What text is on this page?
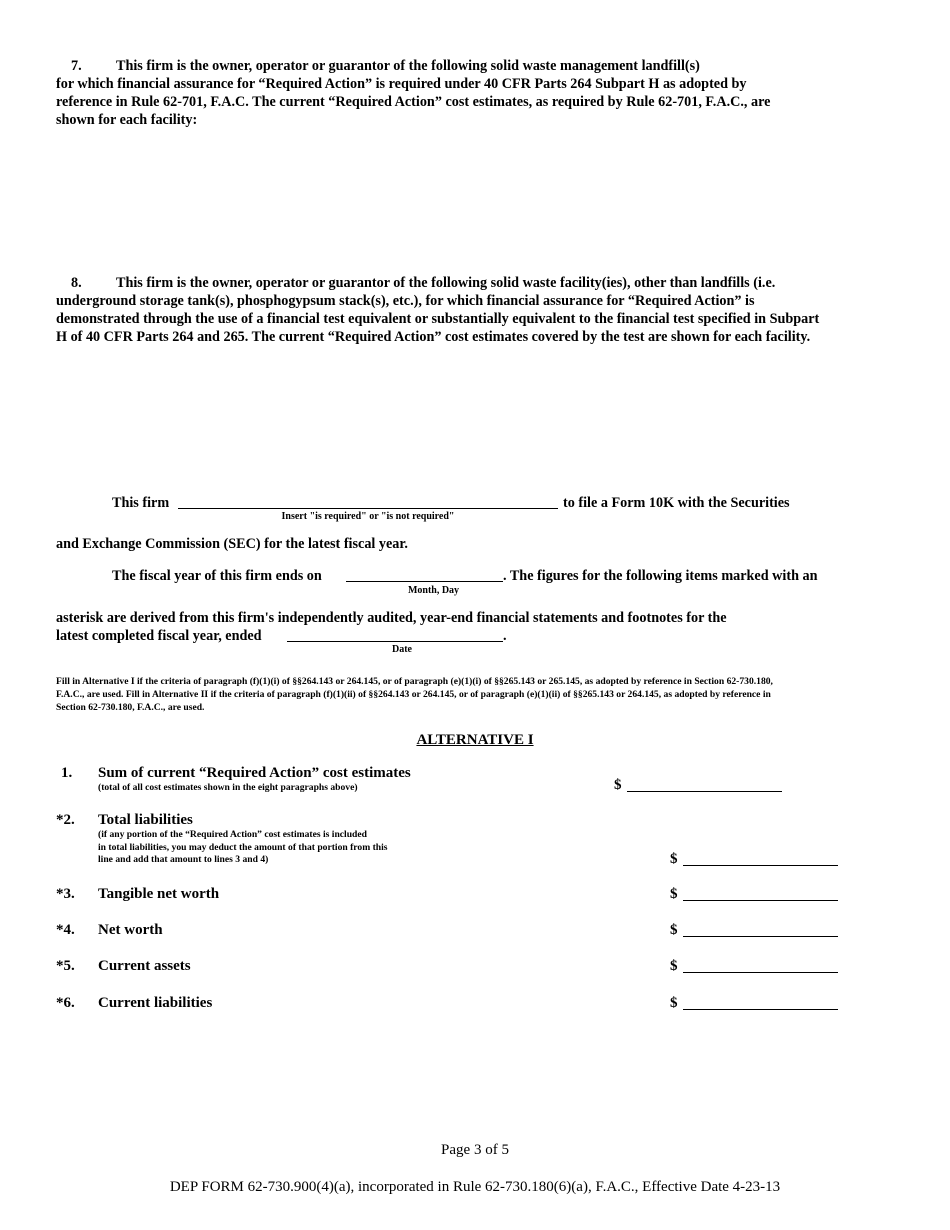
7. This firm is the owner, operator or guarantor of the following solid waste management landfill(s)
for which financial assurance for “Required Action” is required under 40 CFR Parts 264 Subpart H as adopted by
reference in Rule 62-701, F.A.C. The current “Required Action” cost estimates, as required by Rule 62-701, F.A.C., are
shown for each facility:
8. This firm is the owner, operator or guarantor of the following solid waste facility(ies), other than landfills (i.e.
underground storage tank(s), phosphogypsum stack(s), etc.), for which financial assurance for “Required Action” is
demonstrated through the use of a financial test equivalent or substantially equivalent to the financial test specified in Subpart
H of 40 CFR Parts 264 and 265. The current “Required Action” cost estimates covered by the test are shown for each facility.
This firm
Insert "is required" or "is not required"
to file a Form 10K with the Securities
and Exchange Commission (SEC) for the latest fiscal year.
The fiscal year of this firm ends on
Month, Day
. The figures for the following items marked with an
asterisk are derived from this firm's independently audited, year-end financial statements and footnotes for the
latest completed fiscal year, ended	.
Date
Fill in Alternative I if the criteria of paragraph (f)(1)(i) of §§264.143 or 264.145, or of paragraph (e)(1)(i) of §§265.143 or 265.145, as adopted by reference in Section 62-730.180,
F.A.C., are used. Fill in Alternative II if the criteria of paragraph (f)(1)(ii) of §§264.143 or 264.145, or of paragraph (e)(1)(ii) of §§265.143 or 264.145, as adopted by reference in
Section 62-730.180, F.A.C., are used.
ALTERNATIVE I
1. Sum of current “Required Action” cost estimates
(total of all cost estimates shown in the eight paragraphs above)	$
*2. Total liabilities
(if any portion of the “Required Action” cost estimates is included
in total liabilities, you may deduct the amount of that portion from this
line and add that amount to lines 3 and 4)	$
*3. Tangible net worth	$
*4. Net worth	$
*5. Current assets	$
*6. Current liabilities	$
Page 3 of 5
DEP FORM 62-730.900(4)(a), incorporated in Rule 62-730.180(6)(a), F.A.C., Effective Date 4-23-13
